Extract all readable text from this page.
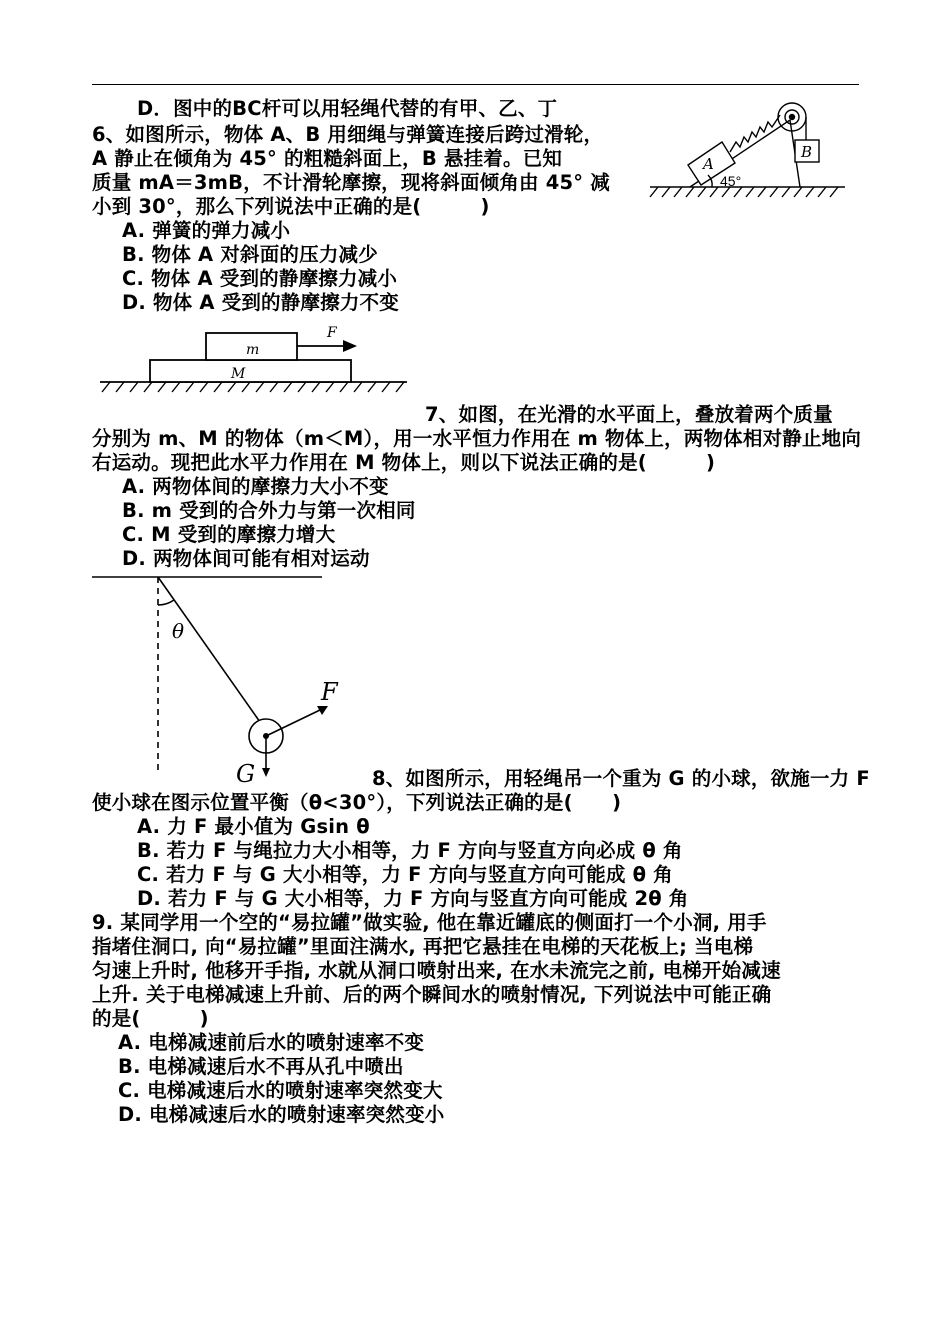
D．图中的BC杆可以用轻绳代替的有甲、乙、丁
6、如图所示，物体 A、B 用细绳与弹簧连接后跨过滑轮，
A 静止在倾角为 45° 的粗糙斜面上，B 悬挂着。已知
质量 mA＝3mB，不计滑轮摩擦，现将斜面倾角由 45° 减
小到 30°，那么下列说法中正确的是(　　　)
A. 弹簧的弹力减小
B. 物体 A 对斜面的压力减少
C. 物体 A 受到的静摩擦力减小
D. 物体 A 受到的静摩擦力不变
A
B
45°
m
M
F
7、如图，在光滑的水平面上，叠放着两个质量
分别为 m、M 的物体（m＜M），用一水平恒力作用在 m 物体上，两物体相对静止地向
右运动。现把此水平力作用在 M 物体上，则以下说法正确的是(　　　)
A. 两物体间的摩擦力大小不变
B. m 受到的合外力与第一次相同
C. M 受到的摩擦力增大
D. 两物体间可能有相对运动
θ
F
G	8、如图所示，用轻绳吊一个重为 G 的小球，欲施一力 F
使小球在图示位置平衡（θ<30°），下列说法正确的是(　　)
A. 力 F 最小值为 Gsin θ
B. 若力 F 与绳拉力大小相等，力 F 方向与竖直方向必成 θ 角
C. 若力 F 与 G 大小相等，力 F 方向与竖直方向可能成 θ 角
D. 若力 F 与 G 大小相等，力 F 方向与竖直方向可能成 2θ 角
9. 某同学用一个空的“易拉罐”做实验, 他在靠近罐底的侧面打一个小洞, 用手
指堵住洞口, 向“易拉罐”里面注满水, 再把它悬挂在电梯的天花板上; 当电梯
匀速上升时, 他移开手指, 水就从洞口喷射出来, 在水未流完之前, 电梯开始减速
上升. 关于电梯减速上升前、后的两个瞬间水的喷射情况, 下列说法中可能正确
的是(　　　)
A. 电梯减速前后水的喷射速率不变
B. 电梯减速后水不再从孔中喷出
C. 电梯减速后水的喷射速率突然变大
D. 电梯减速后水的喷射速率突然变小
